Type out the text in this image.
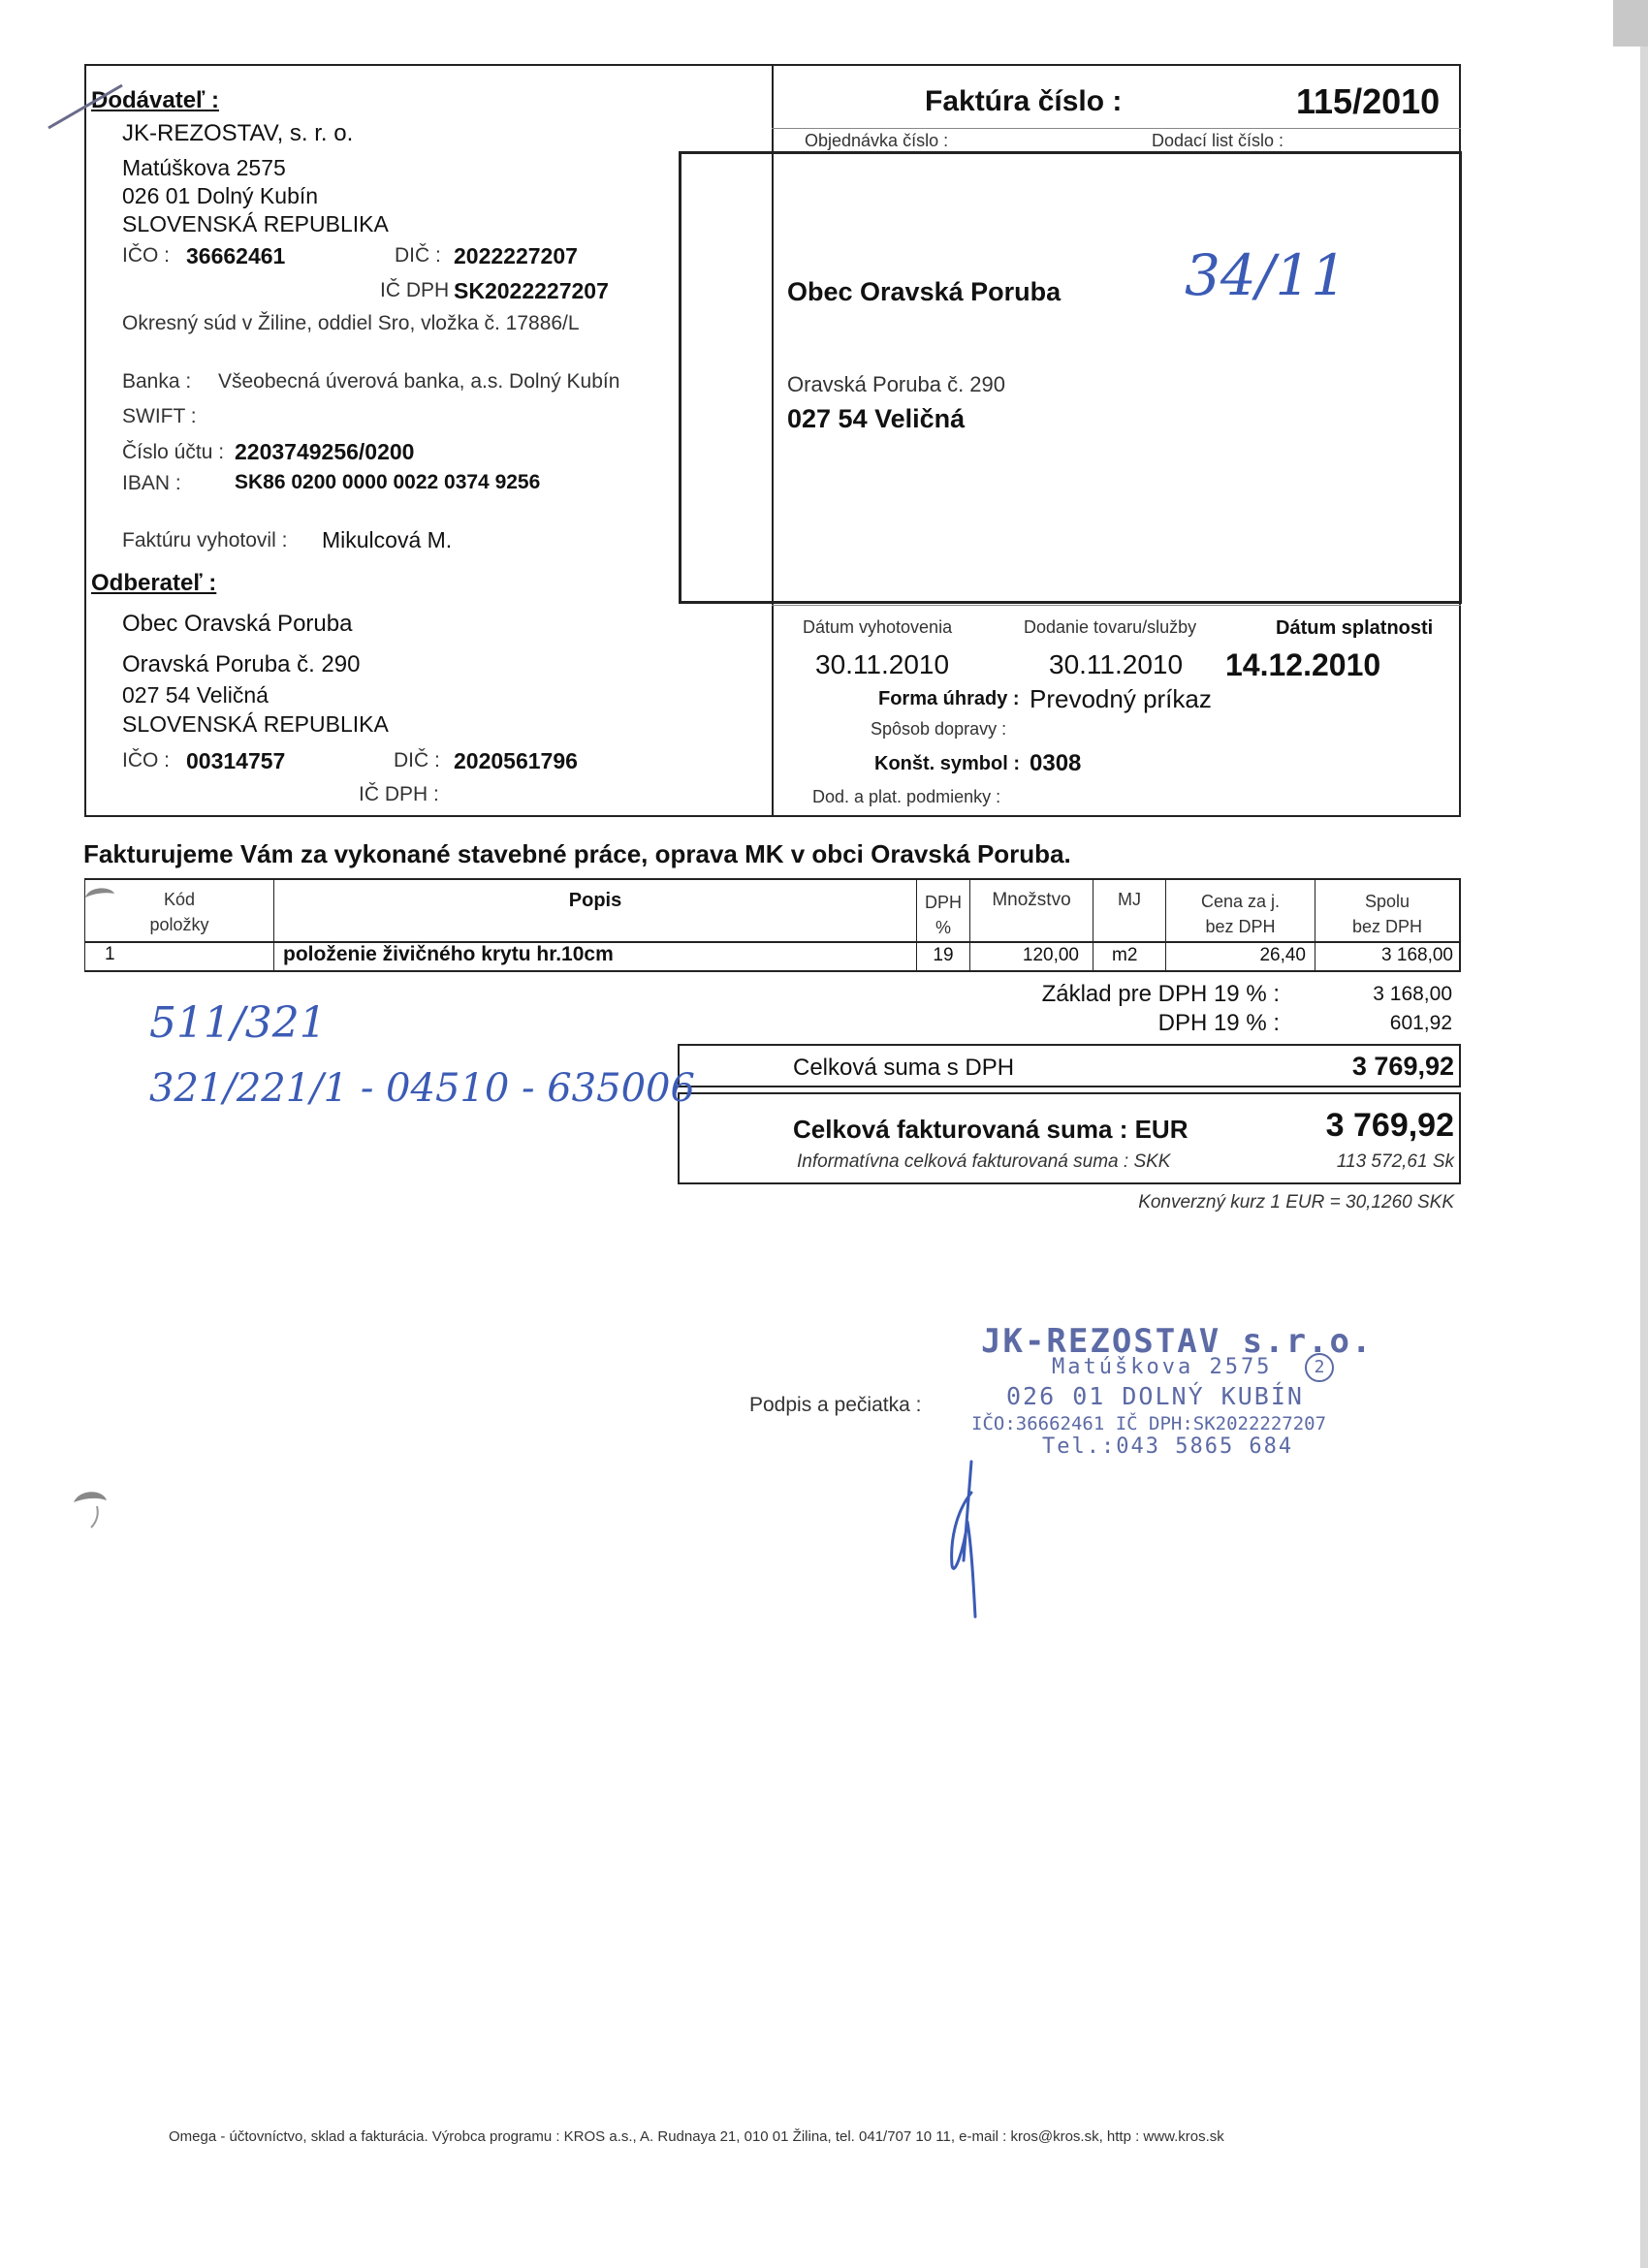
Dodávateľ :
JK-REZOSTAV, s. r. o.
Matúškova 2575
026 01 Dolný Kubín
SLOVENSKÁ REPUBLIKA
IČO : 36662461	DIČ : 2022227207
IČ DPH :
SK2022227207
Okresný súd v Žiline, oddiel Sro, vložka č. 17886/L
Banka : Všeobecná úverová banka, a.s. Dolný Kubín
SWIFT :
Číslo účtu : 2203749256/0200
IBAN :	SK86 0200 0000 0022 0374 9256
Faktúru vyhotovil : Mikulcová M.
Faktúra číslo :	115/2010
Objednávka číslo :	Dodací list číslo :
Obec Oravská Poruba
Oravská Poruba č. 290
027 54 Veličná
34/11
Odberateľ :
Obec Oravská Poruba
Oravská Poruba č. 290
027 54 Veličná
SLOVENSKÁ REPUBLIKA
IČO : 00314757	DIČ : 2020561796
IČ DPH :
Dátum vyhotovenia	Dodanie tovaru/služby	Dátum splatnosti
30.11.2010	30.11.2010 14.12.2010
Forma úhrady : Prevodný príkaz
Spôsob dopravy :
Konšt. symbol : 0308
Dod. a plat. podmienky :
Fakturujeme Vám za vykonané stavebné práce, oprava MK v obci Oravská Poruba.
Kód
položky
Popis	DPH
%
Množstvo	MJ	Cena za j.
bez DPH
Spolu
bez DPH
1	položenie živičného krytu hr.10cm	19	120,00 m2	26,40	3 168,00
Základ pre DPH 19 % :	3 168,00
DPH 19 % :	601,92
Celková suma s DPH	3 769,92
Celková fakturovaná suma : EUR	3 769,92
Informatívna celková fakturovaná suma : SKK	113 572,61 Sk
Konverzný kurz 1 EUR = 30,1260 SKK
511/321
321/221/1 - 04510 - 635006
Podpis a pečiatka :
JK-REZOSTAV s.r.o.
Matúškova 2575	2
026 01 DOLNÝ KUBÍN
IČO:36662461 IČ DPH:SK2022227207
Tel.:043 5865 684
Omega - účtovníctvo, sklad a fakturácia. Výrobca programu : KROS a.s., A. Rudnaya 21, 010 01 Žilina, tel. 041/707 10 11, e-mail : kros@kros.sk, http : www.kros.sk
